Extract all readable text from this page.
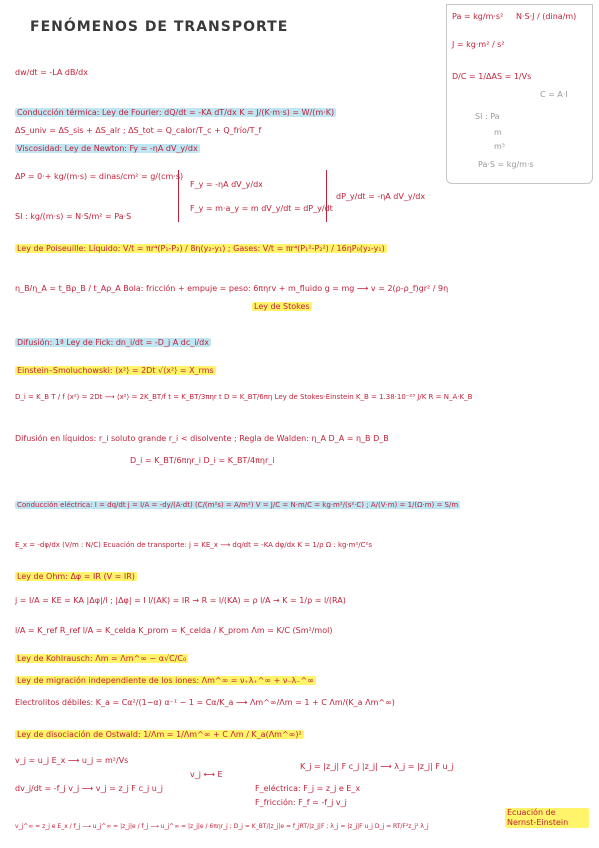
FENÓMENOS DE TRANSPORTE
Pa = kg/m·s² N·S·J / (dina/m)
J = kg·m² / s²
D/C = 1/ΔAS = 1/Vs
C = A·I
SI : Pa
m
m³
Pa·S = kg/m·s
dw/dt = -LA dB/dx
Conducción térmica: Ley de Fourier: dQ/dt = -KA dT/dx K = J/(K·m·s) = W/(m·K)
ΔS_univ = ΔS_sis + ΔS_alr ; ΔS_tot = Q_calor/T_c + Q_frío/T_f
Viscosidad: Ley de Newton: Fy = -ηA dV_y/dx
ΔP = 0·+ kg/(m·s) = dinas/cm² = g/(cm·s)
F_y = -ηA dV_y/dx
F_y = m·a_y = m dV_y/dt = dP_y/dt
dP_y/dt = -ηA dV_y/dx
SI : kg/(m·s) = N·S/m² = Pa·S
Ley de Poiseuille: Líquido: V/t = πr⁴(P₁-P₂) / 8η(y₂-y₁) ; Gases: V/t = πr⁴(P₁²-P₂²) / 16ηP₀(y₂-y₁)
η_B/η_A = t_Bρ_B / t_Aρ_A Bola: fricción + empuje = peso: 6πηrv + m_fluido g = mg ⟶ v = 2(ρ-ρ_f)gr² / 9η
Ley de Stokes
Difusión: 1ª Ley de Fick: dn_i/dt = -D_j A dc_i/dx
Einstein–Smoluchowski: ⟨x²⟩ = 2Dt √⟨x²⟩ = X_rms
D_i = K_B T / f ⟨x²⟩ = 2Dt ⟶ ⟨x²⟩ = 2K_BT/f t = K_BT/3πηr t D = K_BT/6πη Ley de Stokes-Einstein K_B = 1.38·10⁻²³ J/K R = N_A·K_B
Difusión en líquidos: r_i soluto grande r_i < disolvente ; Regla de Walden: η_A D_A = η_B D_B
D_i = K_BT/6πηr_i D_i = K_BT/4πηr_i
Conducción eléctrica: I = dq/dt j = I/A = -dy/(A·dt) (C/(m²s) = A/m²) V = J/C = N·m/C = kg·m²/(s²·C) ; A/(V·m) = 1/(Ω·m) = S/m
E_x = -dφ/dx (V/m : N/C) Ecuación de transporte: j = KE_x ⟶ dq/dt = -KA dφ/dx K = 1/ρ Ω : kg·m²/C²s
Ley de Ohm: Δφ = IR (V = IR)
j = I/A = KE = KA |Δφ|/l ; |Δφ| = I l/(AK) = IR → R = l/(KA) = ρ l/A → K = 1/ρ = l/(RA)
l/A = K_ref R_ref l/A = K_celda K_prom = K_celda / K_prom Λm = K/C (Sm²/mol)
Ley de Kohlrausch: Λm = Λm^∞ − α√C/C₀
Ley de migración independiente de los iones: Λm^∞ = ν₊λ₊^∞ + ν₋λ₋^∞
Electrolitos débiles: K_a = Cα²/(1−α) α⁻¹ − 1 = Cα/K_a ⟶ Λm^∞/Λm = 1 + C Λm/(K_a Λm^∞)
Ley de disociación de Ostwald: 1/Λm = 1/Λm^∞ + C Λm / K_a(Λm^∞)²
v_j = u_j E_x ⟶ u_j = m²/Vs
v_j ⟷ E
K_j = |z_j| F c_j |z_j| ⟶ λ_j = |z_j| F u_j
dv_j/dt = -f_j v_j ⟶ v_j = z_j F c_j u_j	F_eléctrica: F_j = z_j e E_x
F_fricción: F_f = -f_j v_j
v_j^∞ = z_j e E_x / f_j ⟶ u_j^∞ = |z_j|e / f_j ⟶ u_j^∞ = |z_j|e / 6πηr_j ; D_j = K_BT/|z_j|e = f_jRT/|z_j|F ; λ_j = |z_j|F u_j D_j = RT/F²z_j² λ_j
Ecuación de Nernst-Einstein
